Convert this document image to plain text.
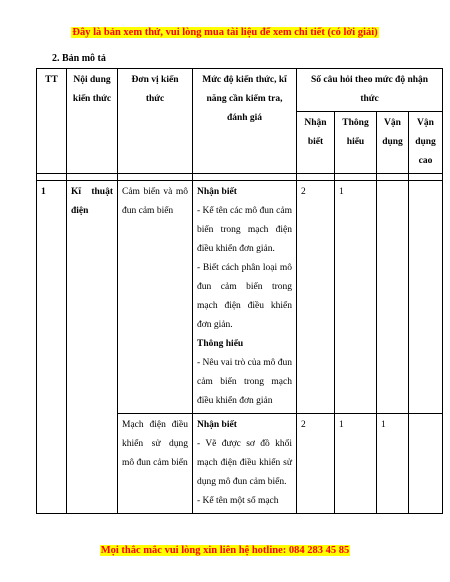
Đây là bản xem thử, vui lòng mua tài liệu để xem chi tiết (có lời giải)
2. Bản mô tả
TT	Nội dung kiến thức	Đơn vị kiến thức	Mức độ kiến thức, kĩ năng cần kiểm tra, đánh giá	Số câu hỏi theo mức độ nhận thức			
				Nhận biết	Thông hiểu	Vận dụng	Vận dụng cao

1	Kĩ thuật điện	Cảm biến và mô đun cảm biến	Nhận biết
- Kể tên các mô đun cảm biến trong mạch điện điều khiển đơn giản.
- Biết cách phân loại mô đun cảm biến trong mạch điện điều khiển đơn giản.
Thông hiểu
- Nêu vai trò của mô đun cảm biến trong mạch điều khiển đơn giản	2	1		
		Mạch điện điều khiển sử dụng mô đun cảm biến	Nhận biết
- Vẽ được sơ đồ khối mạch điện điều khiển sử dụng mô đun cảm biến.
- Kể tên một số mạch	2	1	1	
Mọi thắc mắc vui lòng xin liên hệ hotline: 084 283 45 85
